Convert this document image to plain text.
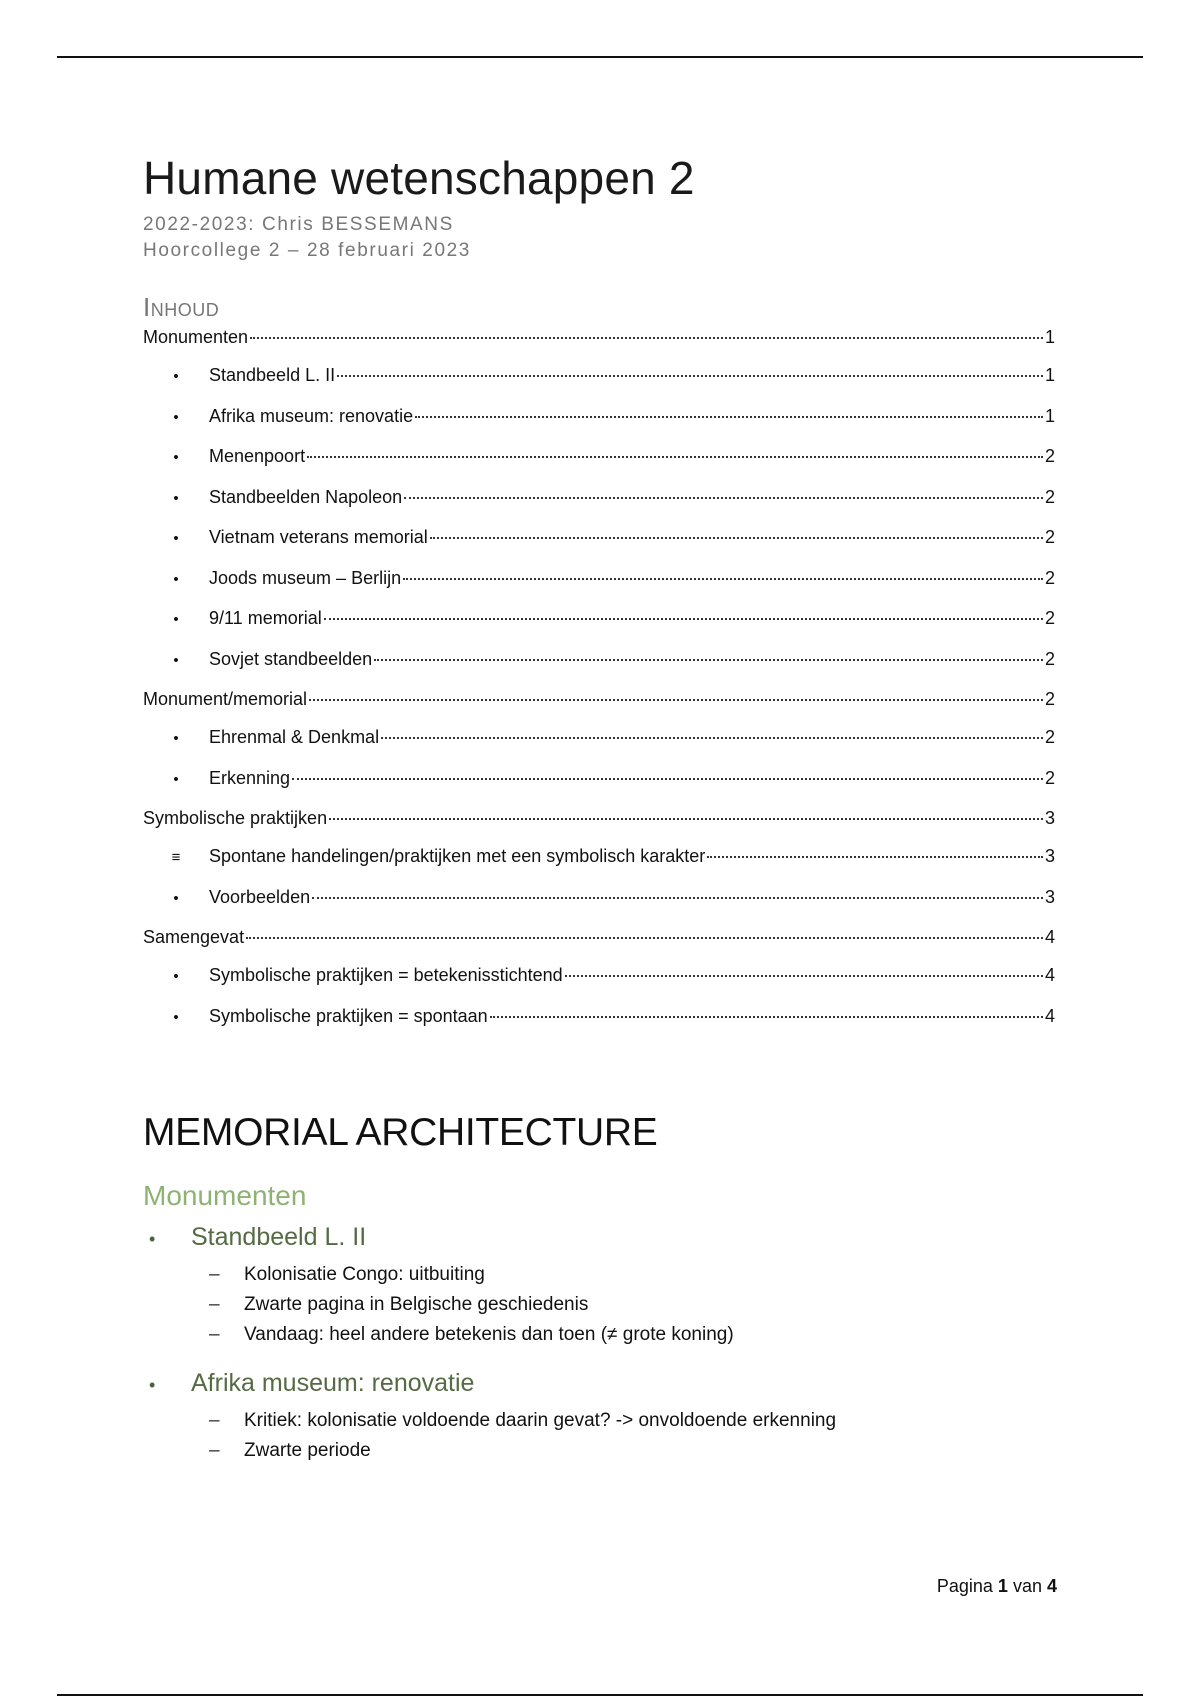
Humane wetenschappen 2
2022-2023: Chris BESSEMANS
Hoorcollege 2 – 28 februari 2023
Inhoud
Monumenten	1
•	Standbeeld L. II	1
•	Afrika museum: renovatie	1
•	Menenpoort	2
•	Standbeelden Napoleon	2
•	Vietnam veterans memorial	2
•	Joods museum – Berlijn	2
•	9/11 memorial	2
•	Sovjet standbeelden	2
Monument/memorial	2
•	Ehrenmal & Denkmal	2
•	Erkenning	2
Symbolische praktijken	3
≡	Spontane handelingen/praktijken met een symbolisch karakter	3
•	Voorbeelden	3
Samengevat	4
•	Symbolische praktijken = betekenisstichtend	4
•	Symbolische praktijken = spontaan	4
MEMORIAL ARCHITECTURE
Monumenten
•	Standbeeld L. II
–	Kolonisatie Congo: uitbuiting
–	Zwarte pagina in Belgische geschiedenis
–	Vandaag: heel andere betekenis dan toen (≠ grote koning)
•	Afrika museum: renovatie
–	Kritiek: kolonisatie voldoende daarin gevat? -> onvoldoende erkenning
–	Zwarte periode
Pagina 1 van 4
